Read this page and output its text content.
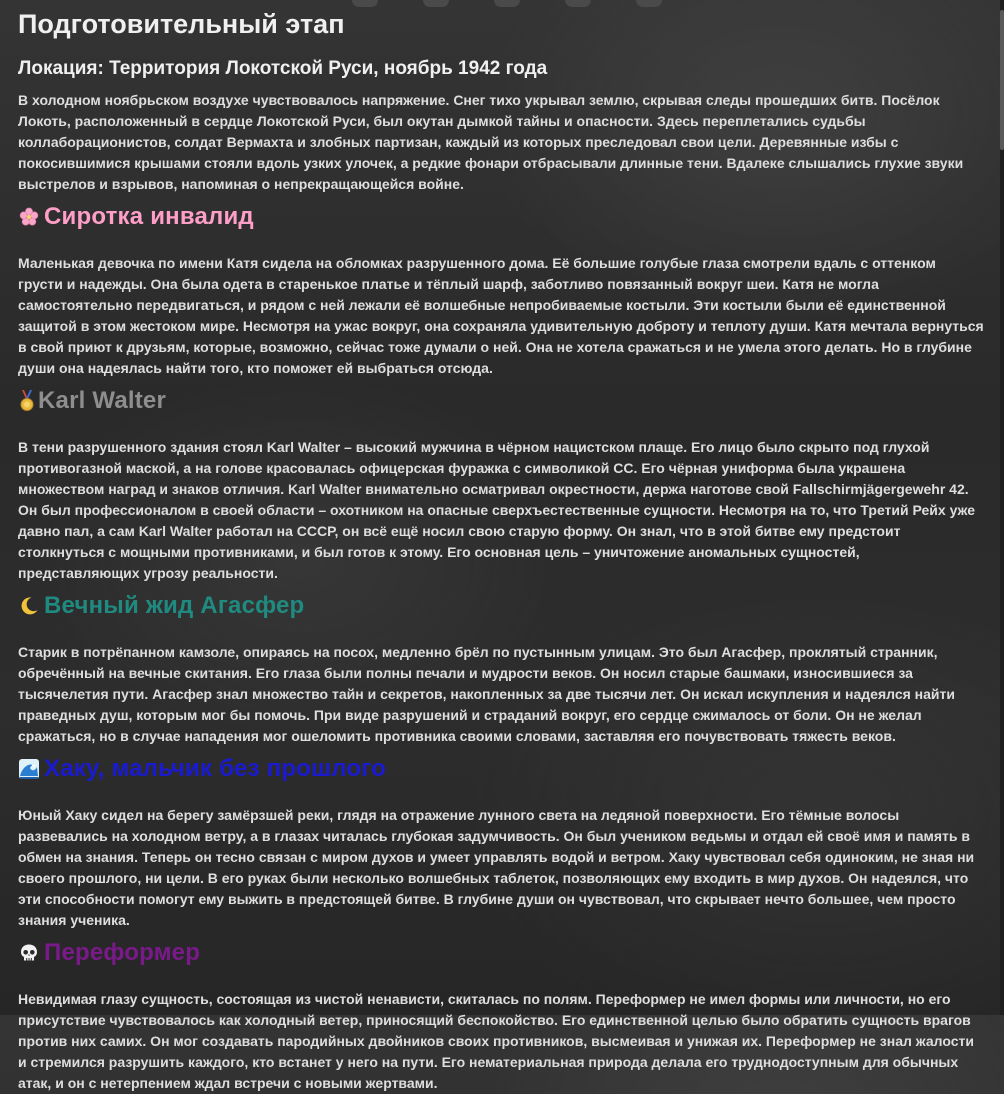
Подготовительный этап
Локация: Территория Локотской Руси, ноябрь 1942 года

В холодном ноябрьском воздухе чувствовалось напряжение. Снег тихо укрывал землю, скрывая следы прошедших битв. Посёлок Локоть, расположенный в сердце Локотской Руси, был окутан дымкой тайны и опасности. Здесь переплетались судьбы коллаборационистов, солдат Вермахта и злобных партизан, каждый из которых преследовал свои цели. Деревянные избы с покосившимися крышами стояли вдоль узких улочек, а редкие фонари отбрасывали длинные тени. Вдалеке слышались глухие звуки выстрелов и взрывов, напоминая о непрекращающейся войне.

Сиротка инвалид

Маленькая девочка по имени Катя сидела на обломках разрушенного дома. Её большие голубые глаза смотрели вдаль с оттенком грусти и надежды. Она была одета в старенькое платье и тёплый шарф, заботливо повязанный вокруг шеи. Катя не могла самостоятельно передвигаться, и рядом с ней лежали её волшебные непробиваемые костыли. Эти костыли были её единственной защитой в этом жестоком мире. Несмотря на ужас вокруг, она сохраняла удивительную доброту и теплоту души. Катя мечтала вернуться в свой приют к друзьям, которые, возможно, сейчас тоже думали о ней. Она не хотела сражаться и не умела этого делать. Но в глубине души она надеялась найти того, кто поможет ей выбраться отсюда.

Karl Walter

В тени разрушенного здания стоял Karl Walter – высокий мужчина в чёрном нацистском плаще. Его лицо было скрыто под глухой противогазной маской, а на голове красовалась офицерская фуражка с символикой СС. Его чёрная униформа была украшена множеством наград и знаков отличия. Karl Walter внимательно осматривал окрестности, держа наготове свой Fallschirmjägergewehr 42. Он был профессионалом в своей области – охотником на опасные сверхъестественные сущности. Несмотря на то, что Третий Рейх уже давно пал, а сам Karl Walter работал на СССР, он всё ещё носил свою старую форму. Он знал, что в этой битве ему предстоит столкнуться с мощными противниками, и был готов к этому. Его основная цель – уничтожение аномальных сущностей, представляющих угрозу реальности.

Вечный жид Агасфер

Старик в потрёпанном камзоле, опираясь на посох, медленно брёл по пустынным улицам. Это был Агасфер, проклятый странник, обречённый на вечные скитания. Его глаза были полны печали и мудрости веков. Он носил старые башмаки, износившиеся за тысячелетия пути. Агасфер знал множество тайн и секретов, накопленных за две тысячи лет. Он искал искупления и надеялся найти праведных душ, которым мог бы помочь. При виде разрушений и страданий вокруг, его сердце сжималось от боли. Он не желал сражаться, но в случае нападения мог ошеломить противника своими словами, заставляя его почувствовать тяжесть веков.

Хаку, мальчик без прошлого

Юный Хаку сидел на берегу замёрзшей реки, глядя на отражение лунного света на ледяной поверхности. Его тёмные волосы развевались на холодном ветру, а в глазах читалась глубокая задумчивость. Он был учеником ведьмы и отдал ей своё имя и память в обмен на знания. Теперь он тесно связан с миром духов и умеет управлять водой и ветром. Хаку чувствовал себя одиноким, не зная ни своего прошлого, ни цели. В его руках были несколько волшебных таблеток, позволяющих ему входить в мир духов. Он надеялся, что эти способности помогут ему выжить в предстоящей битве. В глубине души он чувствовал, что скрывает нечто большее, чем просто знания ученика.

Переформер

Невидимая глазу сущность, состоящая из чистой ненависти, скиталась по полям. Переформер не имел формы или личности, но его присутствие чувствовалось как холодный ветер, приносящий беспокойство. Его единственной целью было обратить сущность врагов против них самих. Он мог создавать пародийных двойников своих противников, высмеивая и унижая их. Переформер не знал жалости и стремился разрушить каждого, кто встанет у него на пути. Его нематериальная природа делала его труднодоступным для обычных атак, и он с нетерпением ждал встречи с новыми жертвами.
